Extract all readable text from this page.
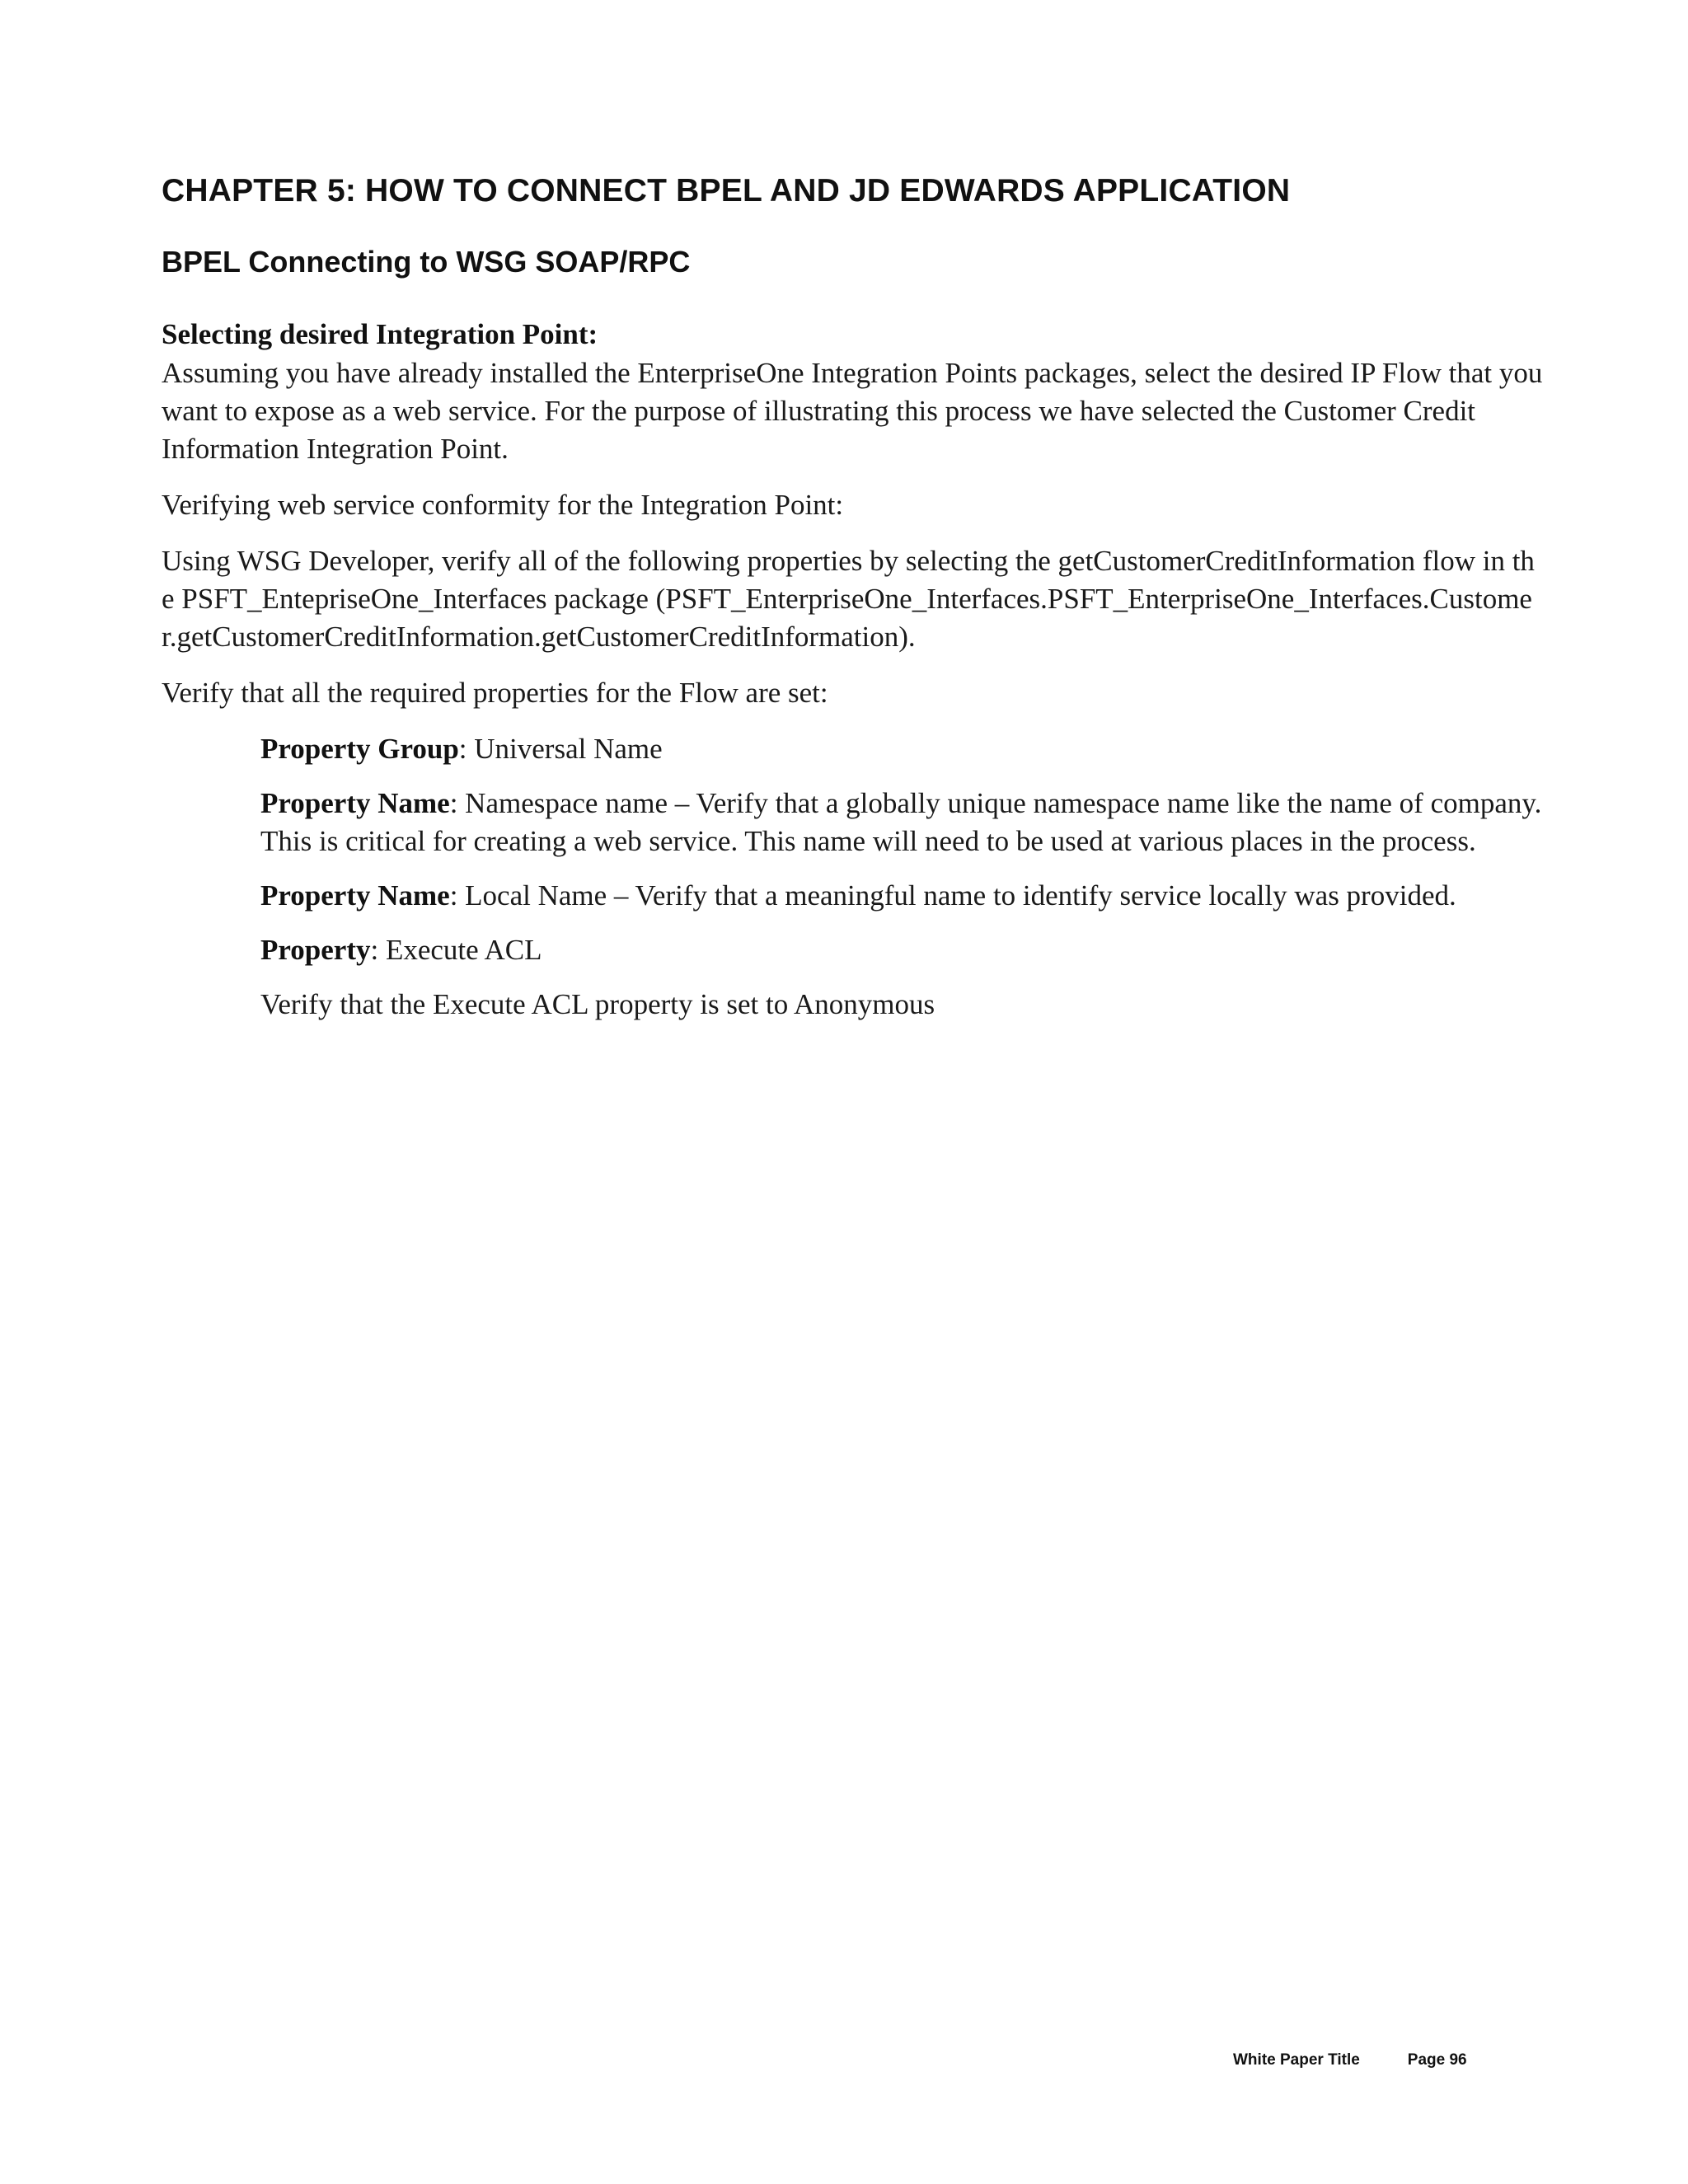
CHAPTER 5: HOW TO CONNECT BPEL AND JD EDWARDS APPLICATION
BPEL Connecting to WSG SOAP/RPC
Selecting desired Integration Point:
Assuming you have already installed the EnterpriseOne Integration Points packages, select the desired IP Flow that you want to expose as a web service. For the purpose of illustrating this process we have selected the Customer Credit Information Integration Point.
Verifying web service conformity for the Integration Point:
Using WSG Developer, verify all of the following properties by selecting the getCustomerCreditInformation flow in the PSFT_EntepriseOne_Interfaces package (PSFT_EnterpriseOne_Interfaces.PSFT_EnterpriseOne_Interfaces.Customer.getCustomerCreditInformation.getCustomerCreditInformation).
Verify that all the required properties for the Flow are set:
Property Group: Universal Name
Property Name: Namespace name – Verify that a globally unique namespace name like the name of company. This is critical for creating a web service. This name will need to be used at various places in the process.
Property Name: Local Name – Verify that a meaningful name to identify service locally was provided.
Property: Execute ACL
Verify that the Execute ACL property is set to Anonymous
White Paper Title	Page 96
